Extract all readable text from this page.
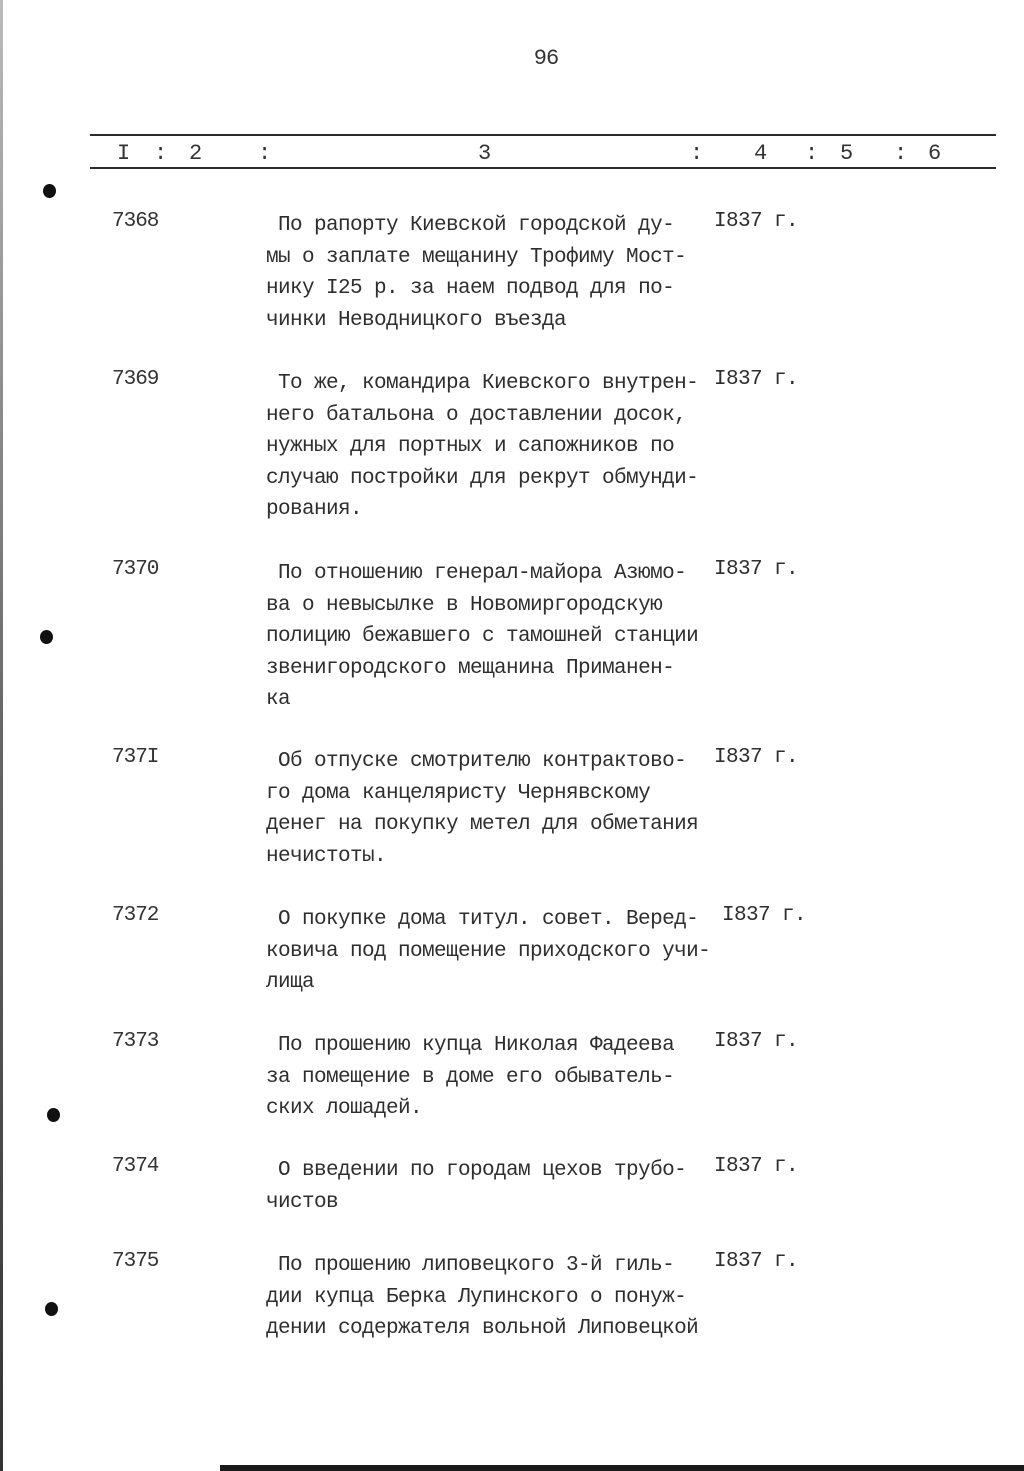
96
I : 2	:	3	: 4 : 5 : 6
7368	По рапорту Киевской городской ду-
мы о заплате мещанину Трофиму Мост-
нику I25 р. за наем подвод для по-
чинки Неводницкого въезда
I837 г.
7369	То же, командира Киевского внутрен-
него батальона о доставлении досок,
нужных для портных и сапожников по
случаю постройки для рекрут обмунди-
рования.
I837 г.
7370	По отношению генерал-майора Азюмо-
ва о невысылке в Новомиргородскую
полицию бежавшего с тамошней станции
звенигородского мещанина Приманен-
ка
I837 г.
737I	Об отпуске смотрителю контрактово-
го дома канцеляристу Чернявскому
денег на покупку метел для обметания
нечистоты.
I837 г.
7372	О покупке дома титул. совет. Веред-
ковича под помещение приходского учи-
лища
I837 г.
7373	По прошению купца Николая Фадеева
за помещение в доме его обыватель-
ских лошадей.
I837 г.
7374	О введении по городам цехов трубо-
чистов
I837 г.
7375	По прошению липовецкого 3-й гиль-
дии купца Берка Лупинского о понуж-
дении содержателя вольной Липовецкой
I837 г.
